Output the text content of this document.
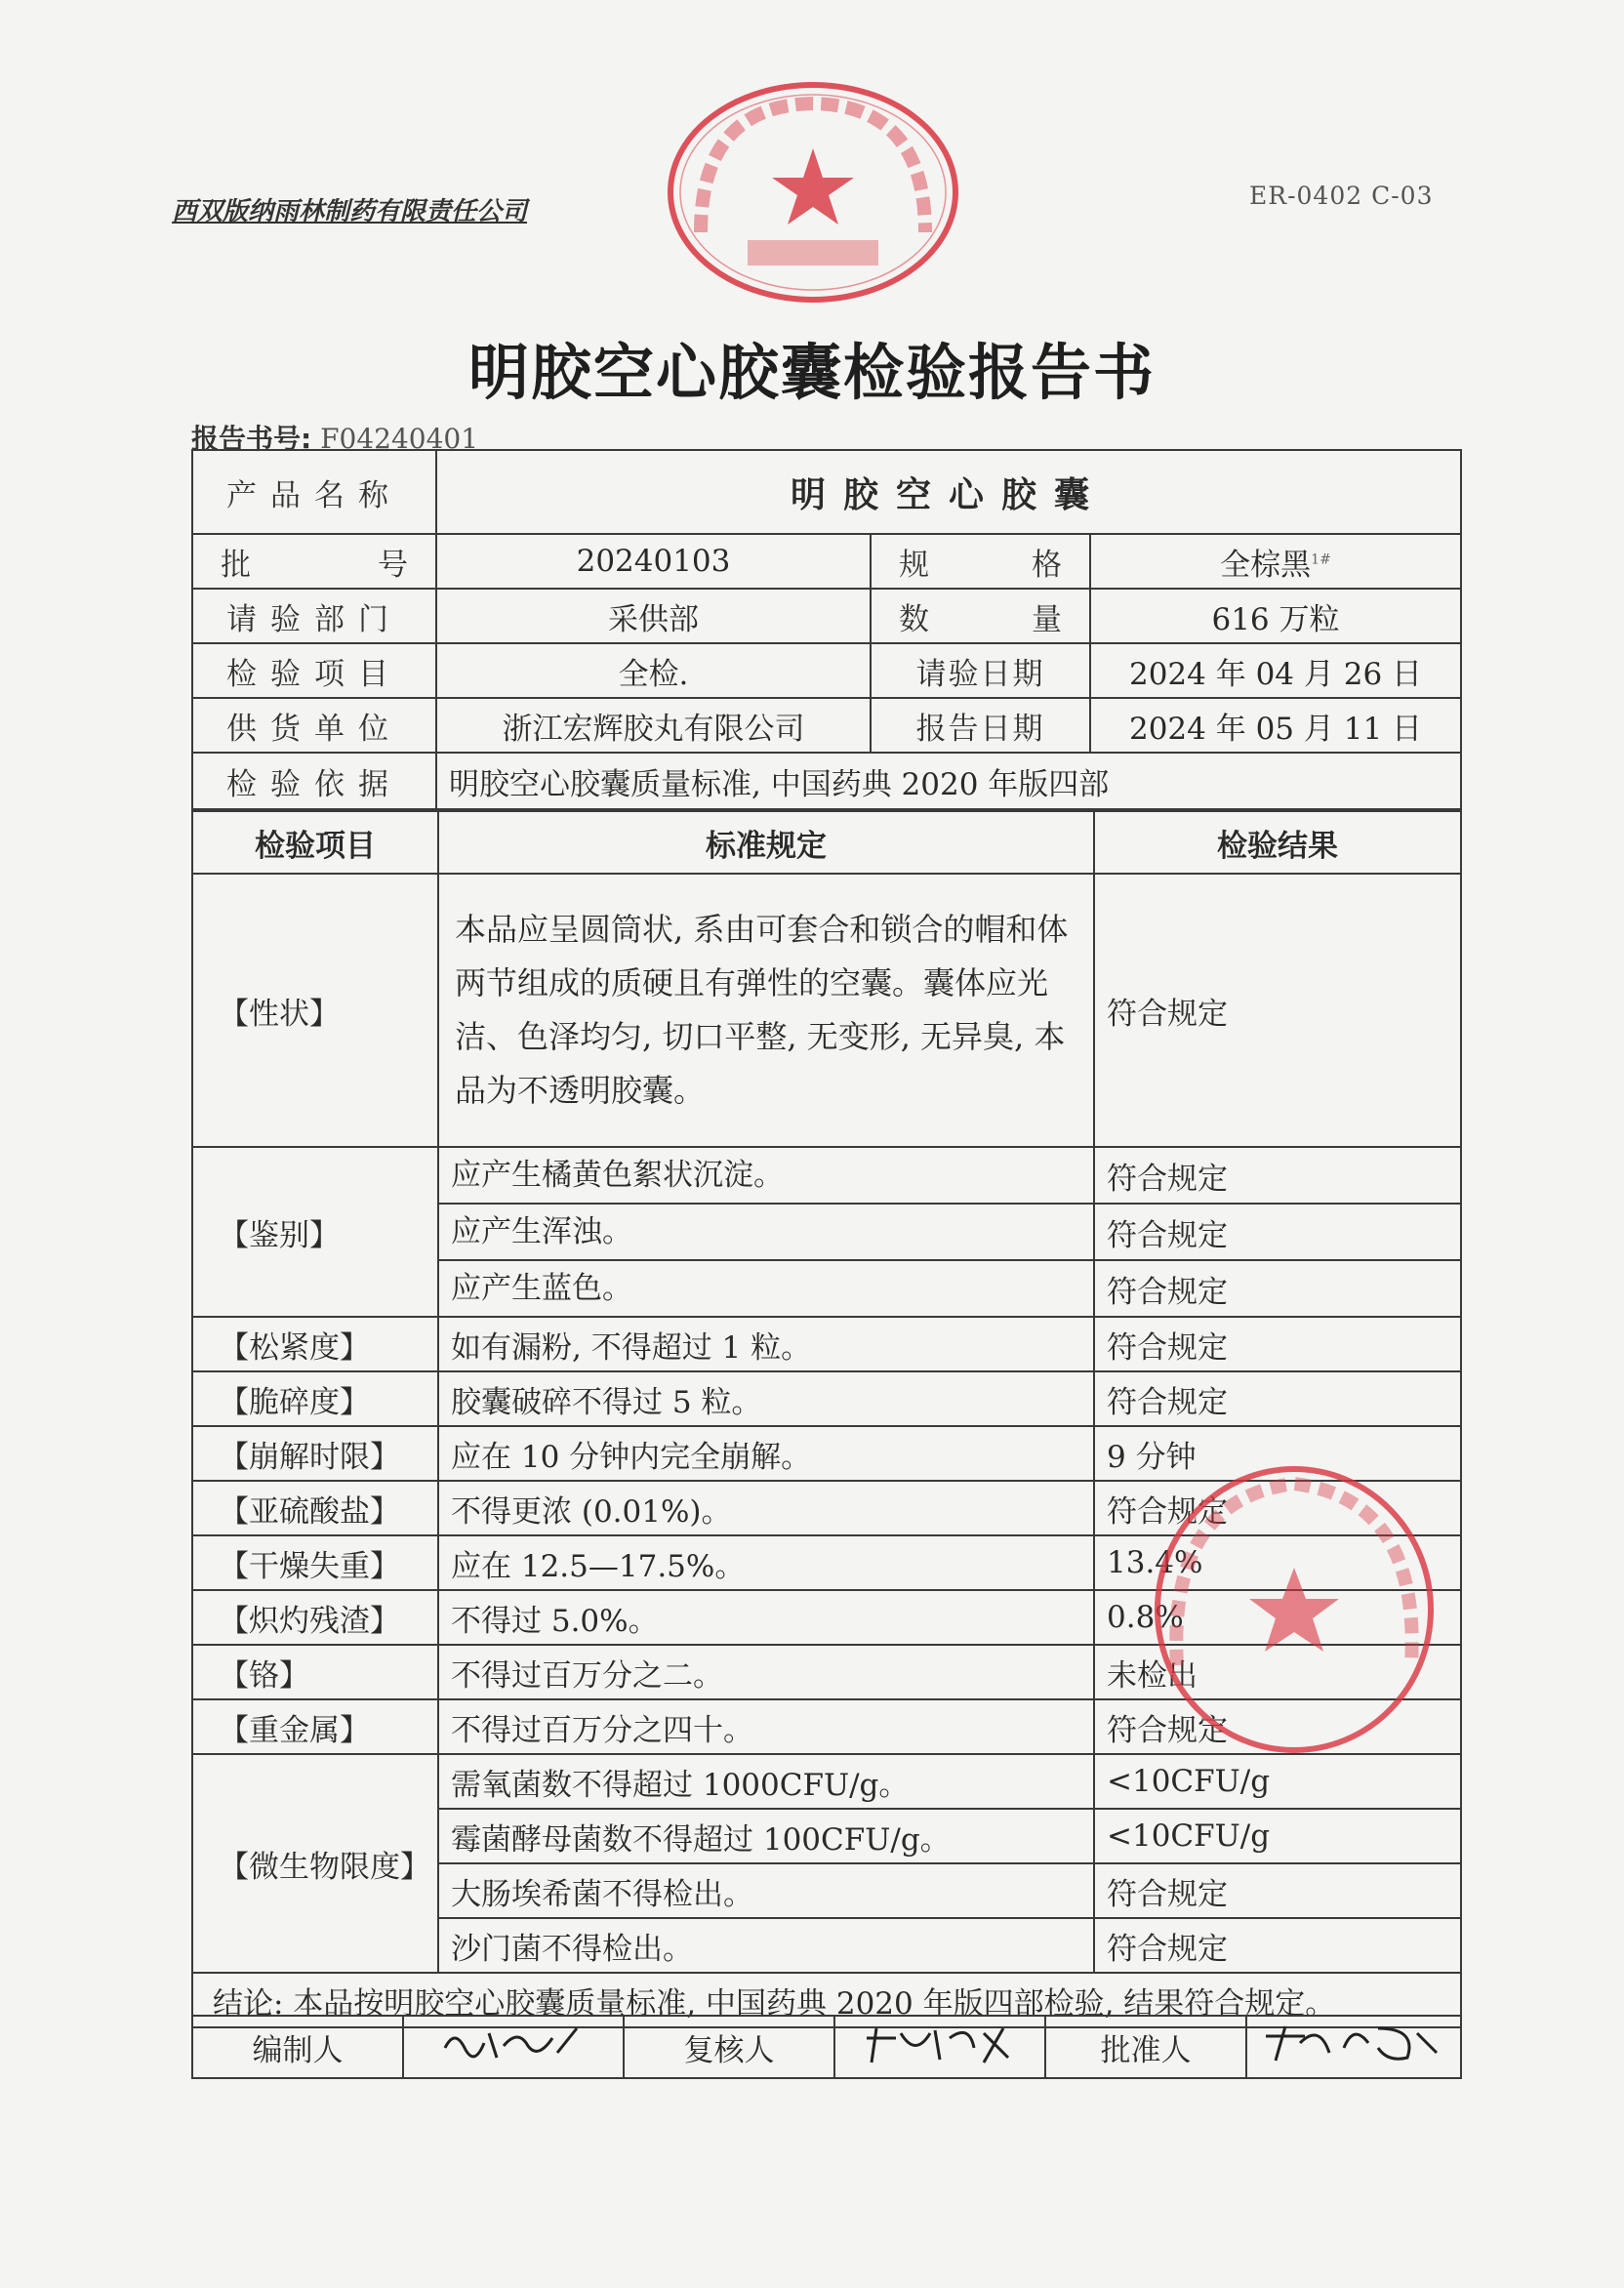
西双版纳雨林制药有限责任公司
ER-0402 C-03
明胶空心胶囊检验报告书
报告书号: F04240401
产品名称	明胶空心胶囊		
批号	20240103	规格	全棕黑$^{1\#}$
请验部门	采供部	数量	616 万粒
检验项目	全检.	请验日期	2024 年 04 月 26 日
供货单位	浙江宏辉胶丸有限公司	报告日期	2024 年 05 月 11 日
检验依据	明胶空心胶囊质量标准, 中国药典 2020 年版四部		
检验项目	标准规定	检验结果
【性状】	本品应呈圆筒状, 系由可套合和锁合的帽和体两节组成的质硬且有弹性的空囊。囊体应光洁、色泽均匀, 切口平整, 无变形, 无异臭, 本品为不透明胶囊。	符合规定
【鉴别】	应产生橘黄色絮状沉淀。	符合规定
	应产生浑浊。	符合规定
	应产生蓝色。	符合规定
【松紧度】	如有漏粉, 不得超过 1 粒。	符合规定
【脆碎度】	胶囊破碎不得过 5 粒。	符合规定
【崩解时限】	应在 10 分钟内完全崩解。	9 分钟
【亚硫酸盐】	不得更浓 (0.01%)。	符合规定
【干燥失重】	应在 12.5—17.5%。	13.4%
【炽灼残渣】	不得过 5.0%。	0.8%
【铬】	不得过百万分之二。	未检出
【重金属】	不得过百万分之四十。	符合规定
【微生物限度】	需氧菌数不得超过 1000CFU/g。	<10CFU/g
	霉菌酵母菌数不得超过 100CFU/g。	<10CFU/g
	大肠埃希菌不得检出。	符合规定
	沙门菌不得检出。	符合规定
结论: 本品按明胶空心胶囊质量标准, 中国药典 2020 年版四部检验, 结果符合规定。		
编制人		复核人		批准人	
